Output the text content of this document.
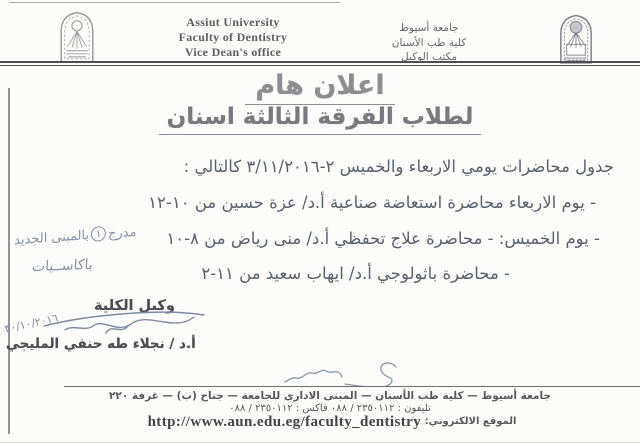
Assiut University
Faculty of Dentistry
Vice Dean's office
جامعة أسيوط
كلية طب الأسنان
مكتب الوكيل
اعلان هام
لطلاب الفرقة الثالثة اسنان
جدول محاضرات يومي الاربعاء والخميس ٢-٣/١١/٢٠١٦ كالتالي :
- يوم الاربعاء محاضرة استعاضة صناعية أ.د/ عزة حسين من ١٠-١٢
- يوم الخميس: - محاضرة علاج تحفظي أ.د/ منى رياض من ٨-١٠
- محاضرة باثولوجي أ.د/ ايهاب سعيد من ١١-٢
مدرج١بالمبنى الجديد
باكاســيات
وكيل الكلية
٣٠/١٠/٢٠١٦
أ.د / نجلاء طه حنفي المليجي
جامعة أسيوط — كلية طب الأسنان — المبنى الادارى للجامعة — جناح (ب) — غرفة ٢٢٠
تليفون : ٢٣٥٠١١٢ / ٠٨٨ فاكس : ٢٣٥٠١١٢ / ٠٨٨
الموقع الالكتروني: http://www.aun.edu.eg/faculty_dentistry
